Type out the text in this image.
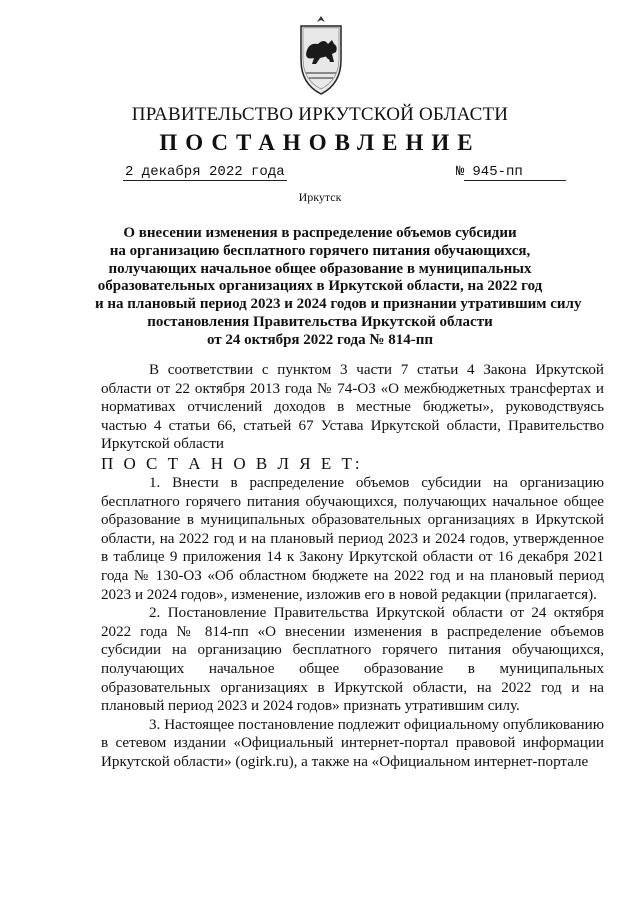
ПРАВИТЕЛЬСТВО ИРКУТСКОЙ ОБЛАСТИ
ПОСТАНОВЛЕНИЕ
2 декабря 2022 года	№ 945-пп
Иркутск
О внесении изменения в распределение объемов субсидии
на организацию бесплатного горячего питания обучающихся,
получающих начальное общее образование в муниципальных
образовательных организациях в Иркутской области, на 2022 год
и на плановый период 2023 и 2024 годов и признании утратившим силу
постановления Правительства Иркутской области
от 24 октября 2022 года № 814-пп

В соответствии с пунктом 3 части 7 статьи 4 Закона Иркутской области от 22 октября 2013 года № 74-ОЗ «О межбюджетных трансфертах и нормативах отчислений доходов в местные бюджеты», руководствуясь частью 4 статьи 66, статьей 67 Устава Иркутской области, Правительство Иркутской области

П О С Т А Н О В Л Я Е Т:

1. Внести в распределение объемов субсидии на организацию бесплатного горячего питания обучающихся, получающих начальное общее образование в муниципальных образовательных организациях в Иркутской области, на 2022 год и на плановый период 2023 и 2024 годов, утвержденное в таблице 9 приложения 14 к Закону Иркутской области от 16 декабря 2021 года № 130-ОЗ «Об областном бюджете на 2022 год и на плановый период 2023 и 2024 годов», изменение, изложив его в новой редакции (прилагается).

2. Постановление Правительства Иркутской области от 24 октября 2022 года № 814-пп «О внесении изменения в распределение объемов субсидии на организацию бесплатного горячего питания обучающихся, получающих начальное общее образование в муниципальных образовательных организациях в Иркутской области, на 2022 год и на плановый период 2023 и 2024 годов» признать утратившим силу.

3. Настоящее постановление подлежит официальному опубликованию в сетевом издании «Официальный интернет-портал правовой информации Иркутской области» (ogirk.ru), а также на «Официальном интернет-портале
